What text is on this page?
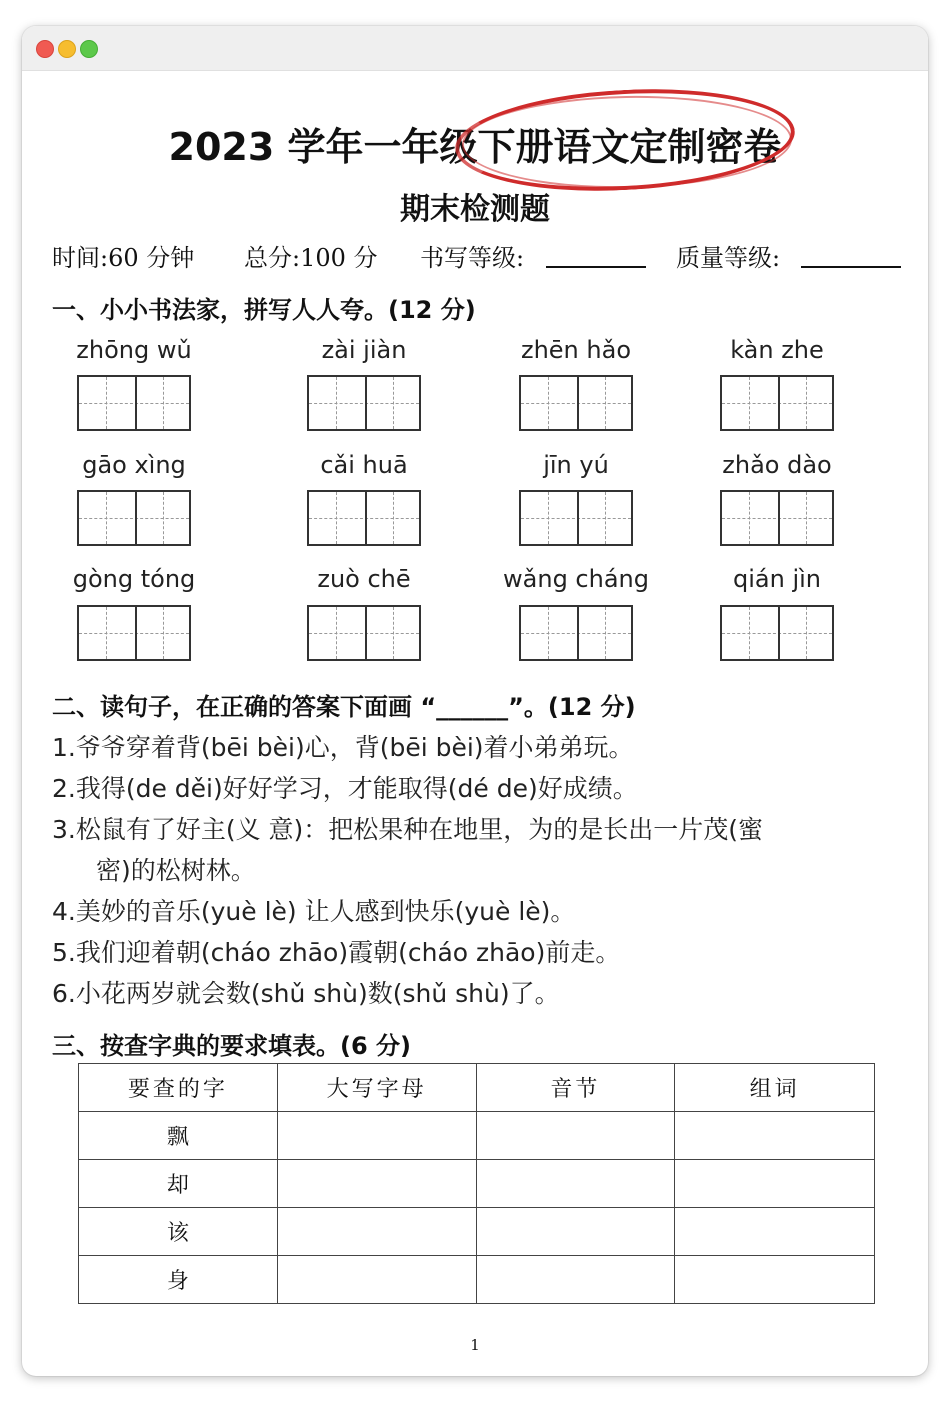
2023 学年一年级下册语文定制密卷
期末检测题
时间:60 分钟 总分:100 分 书写等级:	质量等级:
一、小小书法家，拼写人人夸。(12 分)
zhōng wǔ	zài jiàn	zhēn hǎo	kàn zhe
gāo xìng	cǎi huā	jīn yú	zhǎo dào
gòng tóng	zuò chē	wǎng cháng	qián jìn
二、读句子，在正确的答案下面画 “______”。(12 分)
1.爷爷穿着背(bēi bèi)心，背(bēi bèi)着小弟弟玩。
2.我得(de děi)好好学习，才能取得(dé de)好成绩。
3.松鼠有了好主(义 意)：把松果种在地里，为的是长出一片茂(蜜
密)的松树林。
4.美妙的音乐(yuè lè) 让人感到快乐(yuè lè)。
5.我们迎着朝(cháo zhāo)霞朝(cháo zhāo)前走。
6.小花两岁就会数(shǔ shù)数(shǔ shù)了。
三、按查字典的要求填表。(6 分)
要查的字	大写字母	音节	组词
飘			
却			
该			
身			
1
